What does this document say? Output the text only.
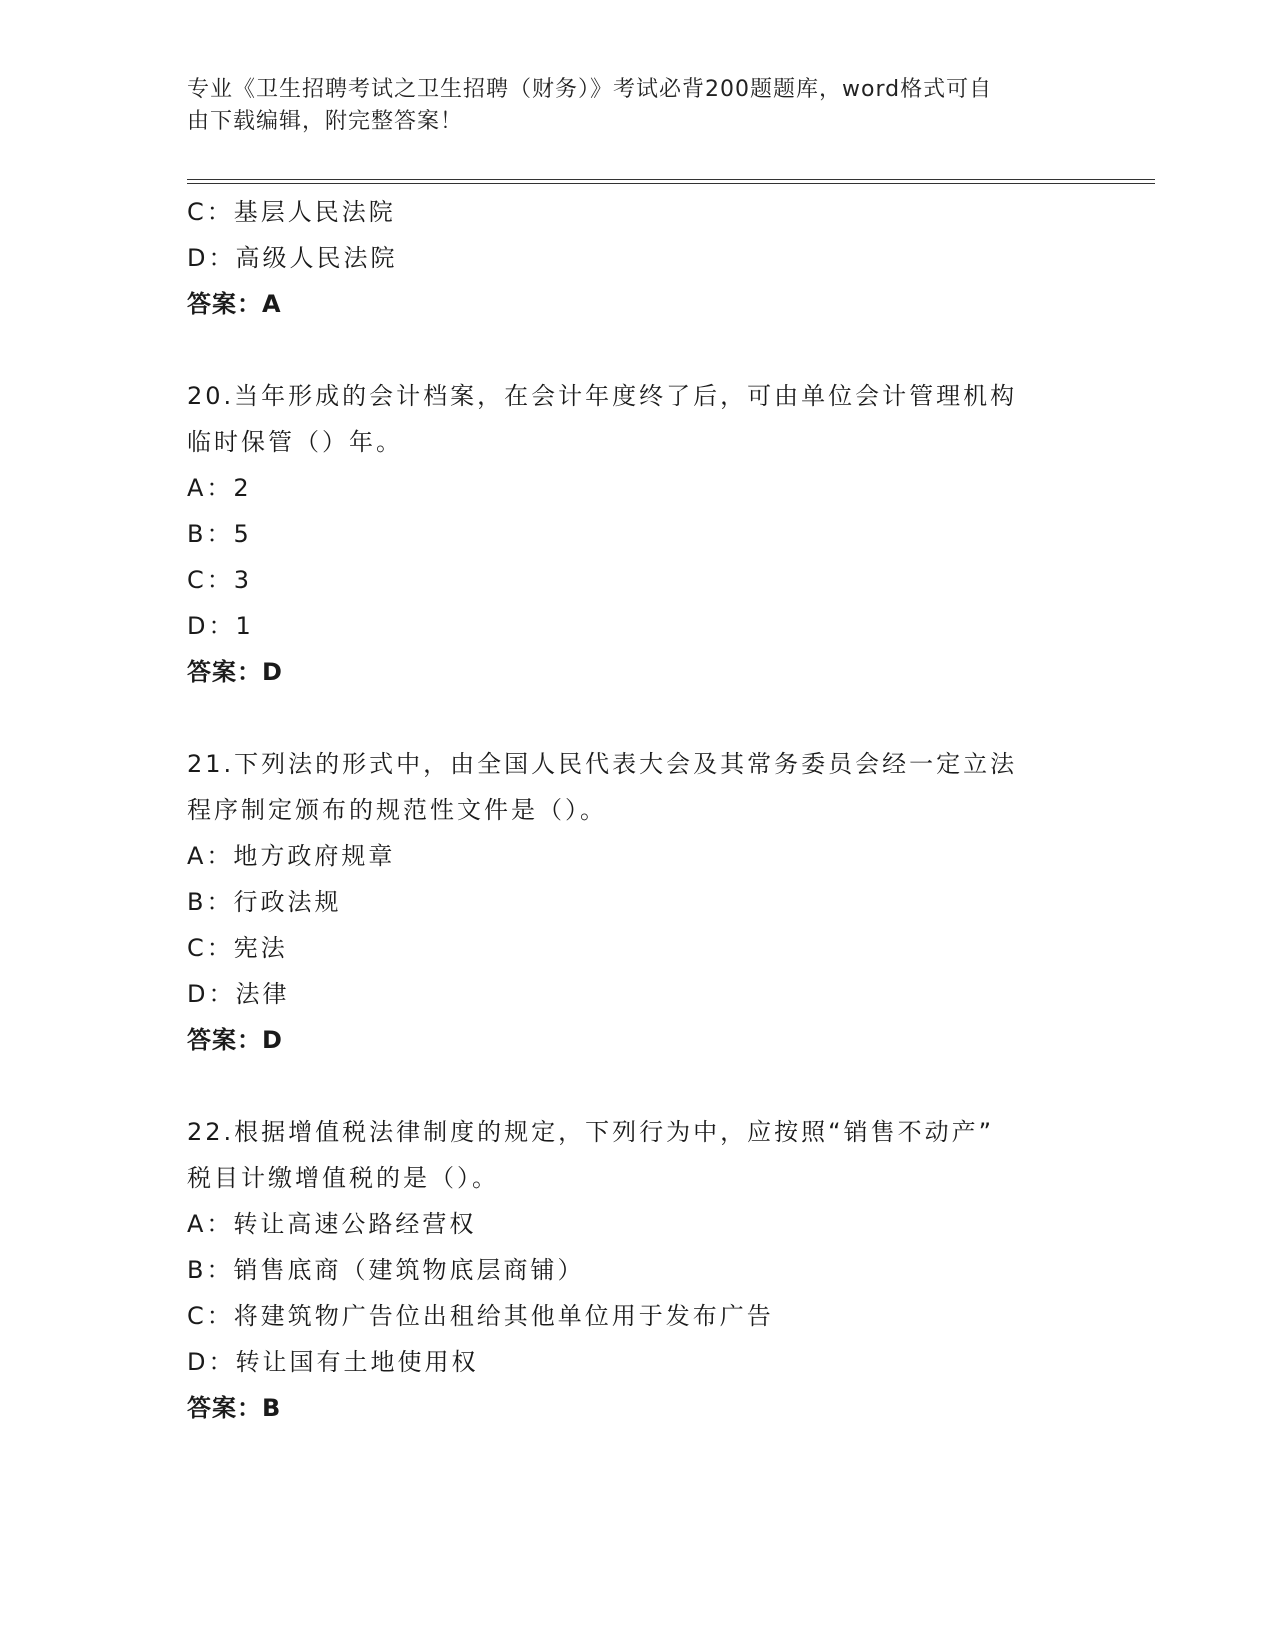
专业《卫生招聘考试之卫生招聘（财务）》考试必背200题题库，word格式可自
由下载编辑，附完整答案！
C：基层人民法院
D：高级人民法院
答案：A
20.当年形成的会计档案，在会计年度终了后，可由单位会计管理机构
临时保管（）年。
A：2
B：5
C：3
D：1
答案：D
21.下列法的形式中，由全国人民代表大会及其常务委员会经一定立法
程序制定颁布的规范性文件是（）。
A：地方政府规章
B：行政法规
C：宪法
D：法律
答案：D
22.根据增值税法律制度的规定，下列行为中，应按照“销售不动产”
税目计缴增值税的是（）。
A：转让高速公路经营权
B：销售底商（建筑物底层商铺）
C：将建筑物广告位出租给其他单位用于发布广告
D：转让国有土地使用权
答案：B
